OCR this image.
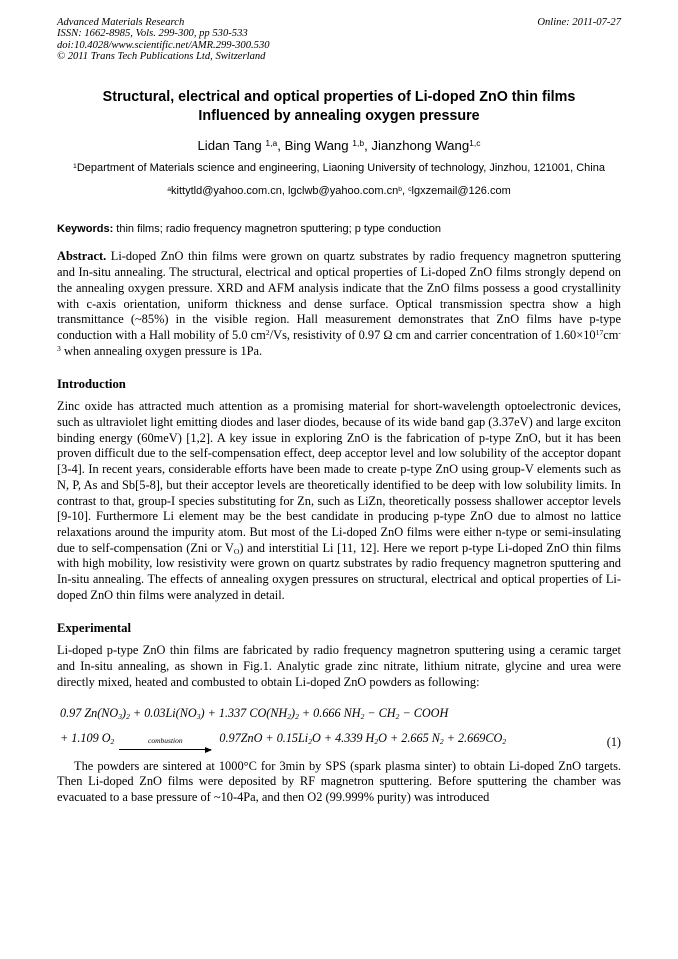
Advanced Materials Research
ISSN: 1662-8985, Vols. 299-300, pp 530-533
doi:10.4028/www.scientific.net/AMR.299-300.530
© 2011 Trans Tech Publications Ltd, Switzerland
Online: 2011-07-27
Structural, electrical and optical properties of Li-doped ZnO thin films
Influenced by annealing oxygen pressure
Lidan Tang $^{1,a}$, Bing Wang $^{1,b}$, Jianzhong Wang$^{1,c}$
$^1$Department of Materials science and engineering, Liaoning University of technology, Jinzhou, 121001, China
$^a$kittytld@yahoo.com.cn, $lgclwb@yahoo.com.cn^b$, $^c$lgxzemail@126.com
Keywords: thin films; radio frequency magnetron sputtering; p type conduction

Abstract. Li-doped ZnO thin films were grown on quartz substrates by radio frequency magnetron sputtering and In-situ annealing. The structural, electrical and optical properties of Li-doped ZnO films strongly depend on the annealing oxygen pressure. XRD and AFM analysis indicate that the ZnO films possess a good crystallinity with c-axis orientation, uniform thickness and dense surface. Optical transmission spectra show a high transmittance (~85%) in the visible region. Hall measurement demonstrates that ZnO films have p-type conduction with a Hall mobility of 5.0 $cm^2/Vs$, resistivity of 0.97 Ω cm and carrier concentration of $1.60\times 10^{17}cm^{-3}$ when annealing oxygen pressure is 1Pa.

Introduction

Zinc oxide has attracted much attention as a promising material for short-wavelength optoelectronic devices, such as ultraviolet light emitting diodes and laser diodes, because of its wide band gap (3.37eV) and large exciton binding energy (60meV) [1,2]. A key issue in exploring ZnO is the fabrication of p-type ZnO, but it has been proven difficult due to the self-compensation effect, deep acceptor level and low solubility of the acceptor dopant [3-4]. In recent years, considerable efforts have been made to create p-type ZnO using group-V elements such as N, P, As and Sb[5-8], but their acceptor levels are theoretically identified to be deep with low solubility limits. In contrast to that, group-I species substituting for Zn, such as LiZn, theoretically possess shallower acceptor levels [9-10]. Furthermore Li element may be the best candidate in producing p-type ZnO due to almost no lattice relaxations around the impurity atom. But most of the Li-doped ZnO films were either n-type or semi-insulating due to self-compensation (Zni or $V_O$) and interstitial Li [11, 12]. Here we report p-type Li-doped ZnO thin films with high mobility, low resistivity were grown on quartz substrates by radio frequency magnetron sputtering and In-situ annealing. The effects of annealing oxygen pressures on structural, electrical and optical properties of Li-doped ZnO thin films were analyzed in detail.

Experimental

Li-doped p-type ZnO thin films are fabricated by radio frequency magnetron sputtering using a ceramic target and In-situ annealing, as shown in Fig.1. Analytic grade zinc nitrate, lithium nitrate, glycine and urea were directly mixed, heated and combusted to obtain Li-doped ZnO powders as following:

0.97 $Zn(NO_3)_2 + 0.03Li(NO_3) + 1.337$ $CO(NH_2)_2 + 0.666$ $NH_2 - CH_2$ − COOH
+ 1.109 $O_2$	combustion	$0.97ZnO + 0.15Li_2O + 4.339$ $H_2O + 2.665$ $N_2 + 2.669CO_2$	(1)

The powders are sintered at 1000°C for 3min by SPS (spark plasma sinter) to obtain Li-doped ZnO targets. Then Li-doped ZnO films were deposited by RF magnetron sputtering. Before sputtering the chamber was evacuated to a base pressure of ~10-4Pa, and then O2 (99.999% purity) was introduced
